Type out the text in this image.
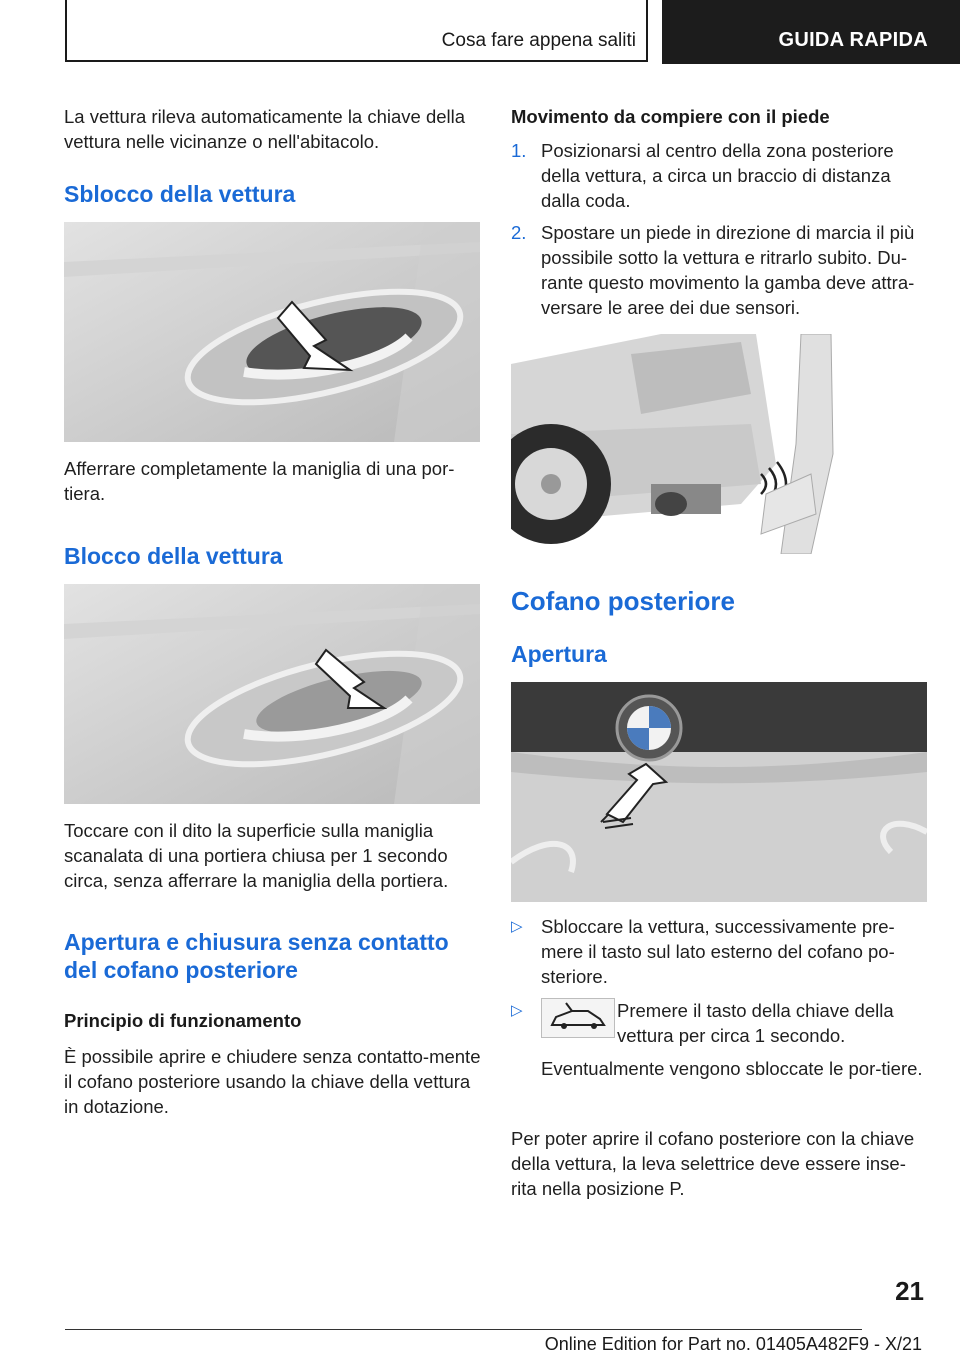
Cosa fare appena saliti	GUIDA RAPIDA

La vettura rileva automaticamente la chiave della vettura nelle vicinanze o nell'abitacolo.

Sblocco della vettura

Afferrare completamente la maniglia di una por-tiera.

Blocco della vettura

Toccare con il dito la superficie sulla maniglia scanalata di una portiera chiusa per 1 secondo circa, senza afferrare la maniglia della portiera.

Apertura e chiusura senza contatto del cofano posteriore
Principio di funzionamento

È possibile aprire e chiudere senza contatto-mente il cofano posteriore usando la chiave della vettura in dotazione.

Movimento da compiere con il piede
1. Posizionarsi al centro della zona posteriore della vettura, a circa un braccio di distanza dalla coda.
2. Spostare un piede in direzione di marcia il più possibile sotto la vettura e ritrarlo subito. Du-rante questo movimento la gamba deve attra-versare le aree dei due sensori.
Cofano posteriore
Apertura
▷ Sbloccare la vettura, successivamente pre-mere il tasto sul lato esterno del cofano po-steriore.
▷	Premere il tasto della chiave della vettura per circa 1 secondo.
Eventualmente vengono sbloccate le por-tiere.

Per poter aprire il cofano posteriore con la chiave della vettura, la leva selettrice deve essere inse-rita nella posizione P.

21
Online Edition for Part no. 01405A482F9 - X/21
